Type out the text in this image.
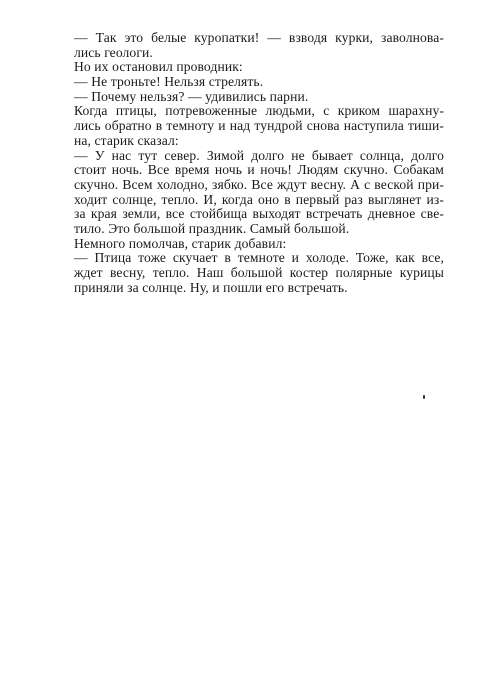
— Так это белые куропатки! — взводя курки, заволнова-
лись геологи.
Но их остановил проводник:
— Не троньте! Нельзя стрелять.
— Почему нельзя? — удивились парни.
Когда птицы, потревоженные людьми, с криком шарахну-
лись обратно в темноту и над тундрой снова наступила тиши-
на, старик сказал:
— У нас тут север. Зимой долго не бывает солнца, долго
стоит ночь. Все время ночь и ночь! Людям скучно. Собакам
скучно. Всем холодно, зябко. Все ждут весну. А с веской при-
ходит солнце, тепло. И, когда оно в первый раз выглянет из-
за края земли, все стойбища выходят встречать дневное све-
тило. Это большой праздник. Самый большой.
Немного помолчав, старик добавил:
— Птица тоже скучает в темноте и холоде. Тоже, как все,
ждет весну, тепло. Наш большой костер полярные курицы
приняли за солнце. Ну, и пошли его встречать.
